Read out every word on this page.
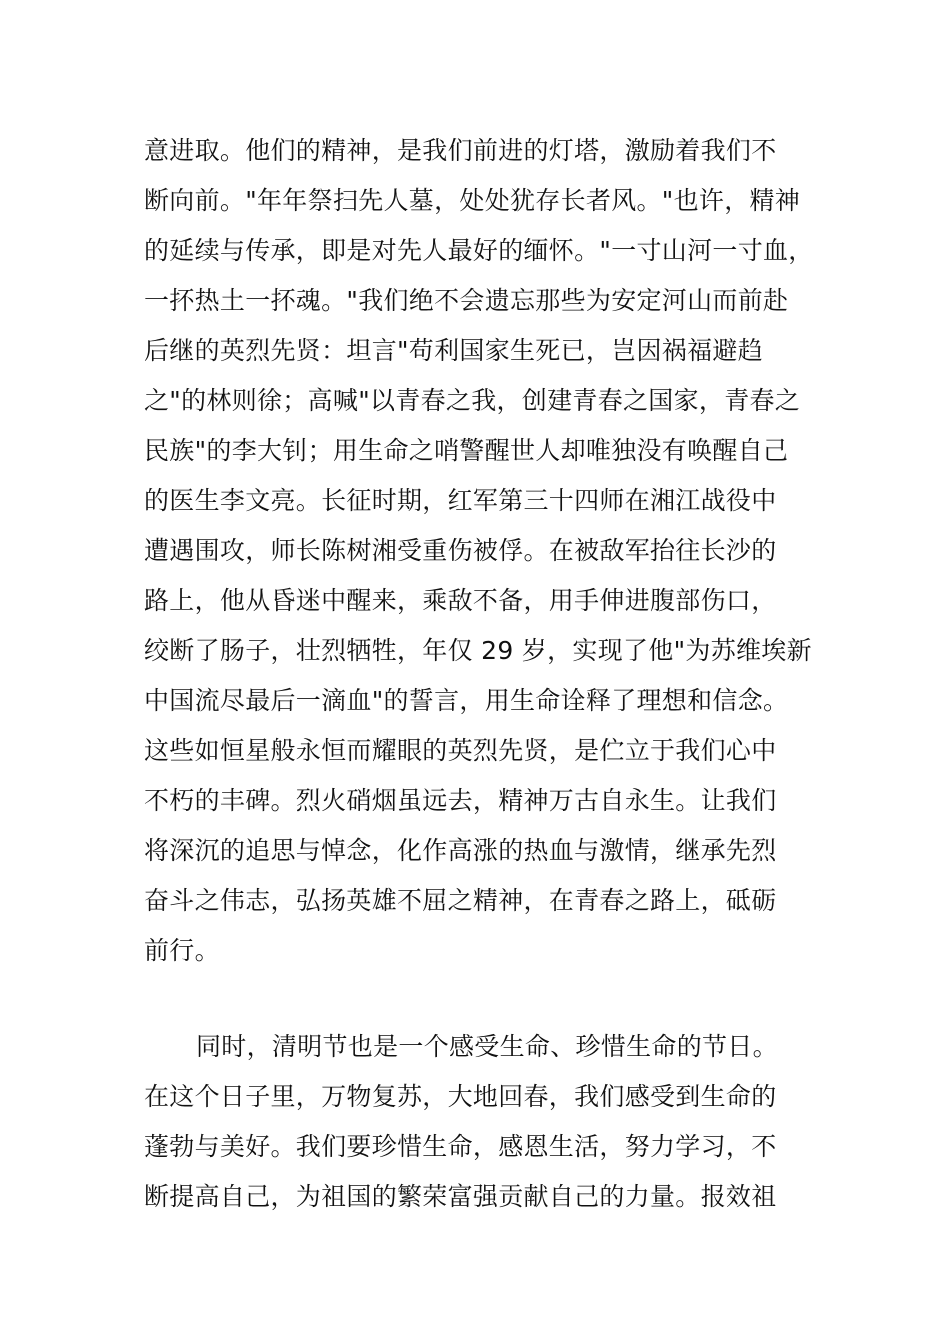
意进取。他们的精神，是我们前进的灯塔，激励着我们不
断向前。"年年祭扫先人墓，处处犹存长者风。"也许，精神
的延续与传承，即是对先人最好的缅怀。"一寸山河一寸血，
一抔热土一抔魂。"我们绝不会遗忘那些为安定河山而前赴
后继的英烈先贤：坦言"苟利国家生死已，岂因祸福避趋
之"的林则徐；高喊"以青春之我，创建青春之国家，青春之
民族"的李大钊；用生命之哨警醒世人却唯独没有唤醒自己
的医生李文亮。长征时期，红军第三十四师在湘江战役中
遭遇围攻，师长陈树湘受重伤被俘。在被敌军抬往长沙的
路上，他从昏迷中醒来，乘敌不备，用手伸进腹部伤口，
绞断了肠子，壮烈牺牲，年仅 29 岁，实现了他"为苏维埃新
中国流尽最后一滴血"的誓言，用生命诠释了理想和信念。
这些如恒星般永恒而耀眼的英烈先贤，是伫立于我们心中
不朽的丰碑。烈火硝烟虽远去，精神万古自永生。让我们
将深沉的追思与悼念，化作高涨的热血与激情，继承先烈
奋斗之伟志，弘扬英雄不屈之精神，在青春之路上，砥砺
前行。
同时，清明节也是一个感受生命、珍惜生命的节日。
在这个日子里，万物复苏，大地回春，我们感受到生命的
蓬勃与美好。我们要珍惜生命，感恩生活，努力学习，不
断提高自己，为祖国的繁荣富强贡献自己的力量。报效祖
